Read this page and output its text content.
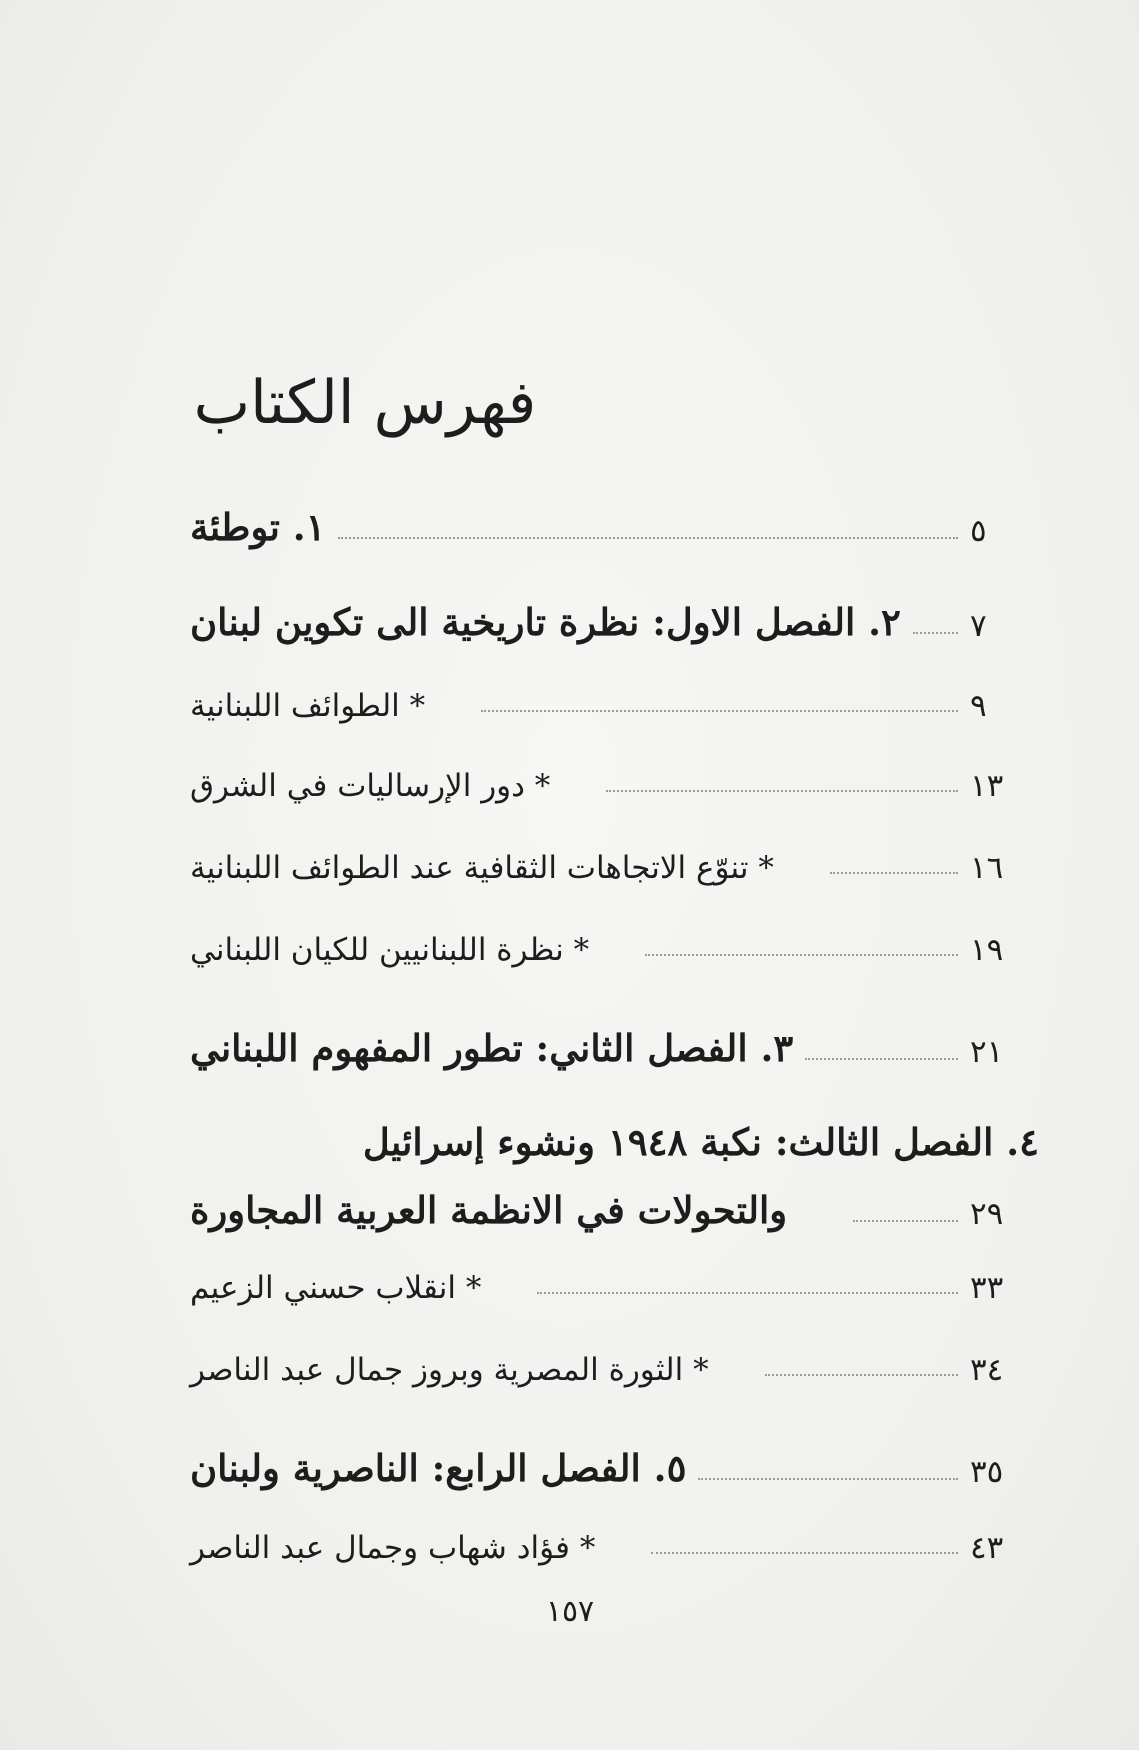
فهرس الكتاب
١. توطئة	٥
٢. الفصل الاول: نظرة تاريخية الى تكوين لبنان ٧
* الطوائف اللبنانية	٩
* دور الإرساليات في الشرق	١٣
* تنوّع الاتجاهات الثقافية عند الطوائف اللبنانية	١٦
* نظرة اللبنانيين للكيان اللبناني	١٩
٣. الفصل الثاني: تطور المفهوم اللبناني	٢١
٤. الفصل الثالث: نكبة ١٩٤٨ ونشوء إسرائيل
والتحولات في الانظمة العربية المجاورة	٢٩
* انقلاب حسني الزعيم	٣٣
* الثورة المصرية وبروز جمال عبد الناصر	٣٤
٥. الفصل الرابع: الناصرية ولبنان	٣٥
* فؤاد شهاب وجمال عبد الناصر	٤٣
١٥٧
